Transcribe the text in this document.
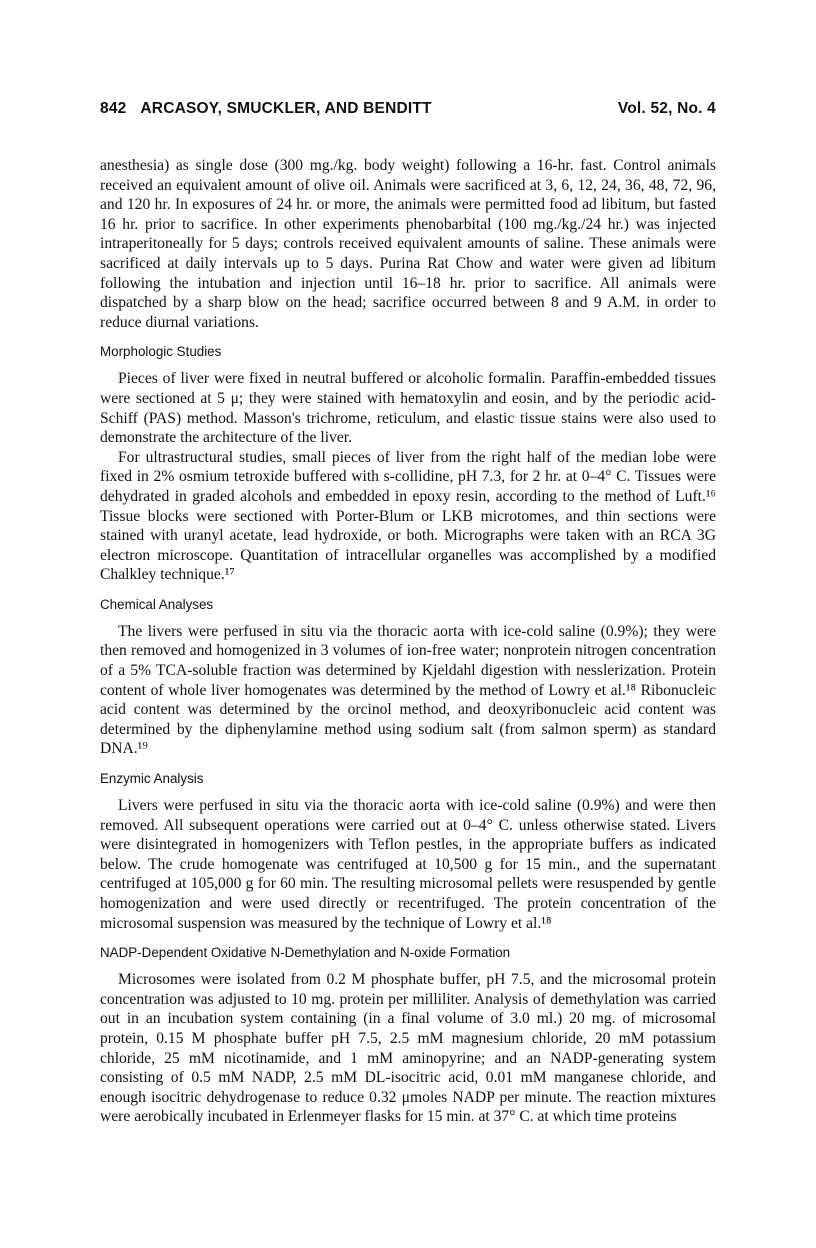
842 ARCASOY, SMUCKLER, AND BENDITT	Vol. 52, No. 4

anesthesia) as single dose (300 mg./kg. body weight) following a 16-hr. fast. Control animals received an equivalent amount of olive oil. Animals were sacrificed at 3, 6, 12, 24, 36, 48, 72, 96, and 120 hr. In exposures of 24 hr. or more, the animals were permitted food ad libitum, but fasted 16 hr. prior to sacrifice. In other experiments phenobarbital (100 mg./kg./24 hr.) was injected intraperitoneally for 5 days; controls received equivalent amounts of saline. These animals were sacrificed at daily intervals up to 5 days. Purina Rat Chow and water were given ad libitum following the intubation and injection until 16–18 hr. prior to sacrifice. All animals were dispatched by a sharp blow on the head; sacrifice occurred between 8 and 9 A.M. in order to reduce diurnal variations.

Morphologic Studies

Pieces of liver were fixed in neutral buffered or alcoholic formalin. Paraffin-embedded tissues were sectioned at 5 μ; they were stained with hematoxylin and eosin, and by the periodic acid-Schiff (PAS) method. Masson's trichrome, reticulum, and elastic tissue stains were also used to demonstrate the architecture of the liver.

For ultrastructural studies, small pieces of liver from the right half of the median lobe were fixed in 2% osmium tetroxide buffered with s-collidine, pH 7.3, for 2 hr. at 0–4° C. Tissues were dehydrated in graded alcohols and embedded in epoxy resin, according to the method of Luft.¹⁶ Tissue blocks were sectioned with Porter-Blum or LKB microtomes, and thin sections were stained with uranyl acetate, lead hydroxide, or both. Micrographs were taken with an RCA 3G electron microscope. Quantitation of intracellular organelles was accomplished by a modified Chalkley technique.¹⁷

Chemical Analyses

The livers were perfused in situ via the thoracic aorta with ice-cold saline (0.9%); they were then removed and homogenized in 3 volumes of ion-free water; nonprotein nitrogen concentration of a 5% TCA-soluble fraction was determined by Kjeldahl digestion with nesslerization. Protein content of whole liver homogenates was determined by the method of Lowry et al.¹⁸ Ribonucleic acid content was determined by the orcinol method, and deoxyribonucleic acid content was determined by the diphenylamine method using sodium salt (from salmon sperm) as standard DNA.¹⁹

Enzymic Analysis

Livers were perfused in situ via the thoracic aorta with ice-cold saline (0.9%) and were then removed. All subsequent operations were carried out at 0–4° C. unless otherwise stated. Livers were disintegrated in homogenizers with Teflon pestles, in the appropriate buffers as indicated below. The crude homogenate was centrifuged at 10,500 g for 15 min., and the supernatant centrifuged at 105,000 g for 60 min. The resulting microsomal pellets were resuspended by gentle homogenization and were used directly or recentrifuged. The protein concentration of the microsomal suspension was measured by the technique of Lowry et al.¹⁸

NADP-Dependent Oxidative N-Demethylation and N-oxide Formation

Microsomes were isolated from 0.2 M phosphate buffer, pH 7.5, and the microsomal protein concentration was adjusted to 10 mg. protein per milliliter. Analysis of demethylation was carried out in an incubation system containing (in a final volume of 3.0 ml.) 20 mg. of microsomal protein, 0.15 M phosphate buffer pH 7.5, 2.5 mM magnesium chloride, 20 mM potassium chloride, 25 mM nicotinamide, and 1 mM aminopyrine; and an NADP-generating system consisting of 0.5 mM NADP, 2.5 mM DL-isocitric acid, 0.01 mM manganese chloride, and enough isocitric dehydrogenase to reduce 0.32 μmoles NADP per minute. The reaction mixtures were aerobically incubated in Erlenmeyer flasks for 15 min. at 37° C. at which time proteins
